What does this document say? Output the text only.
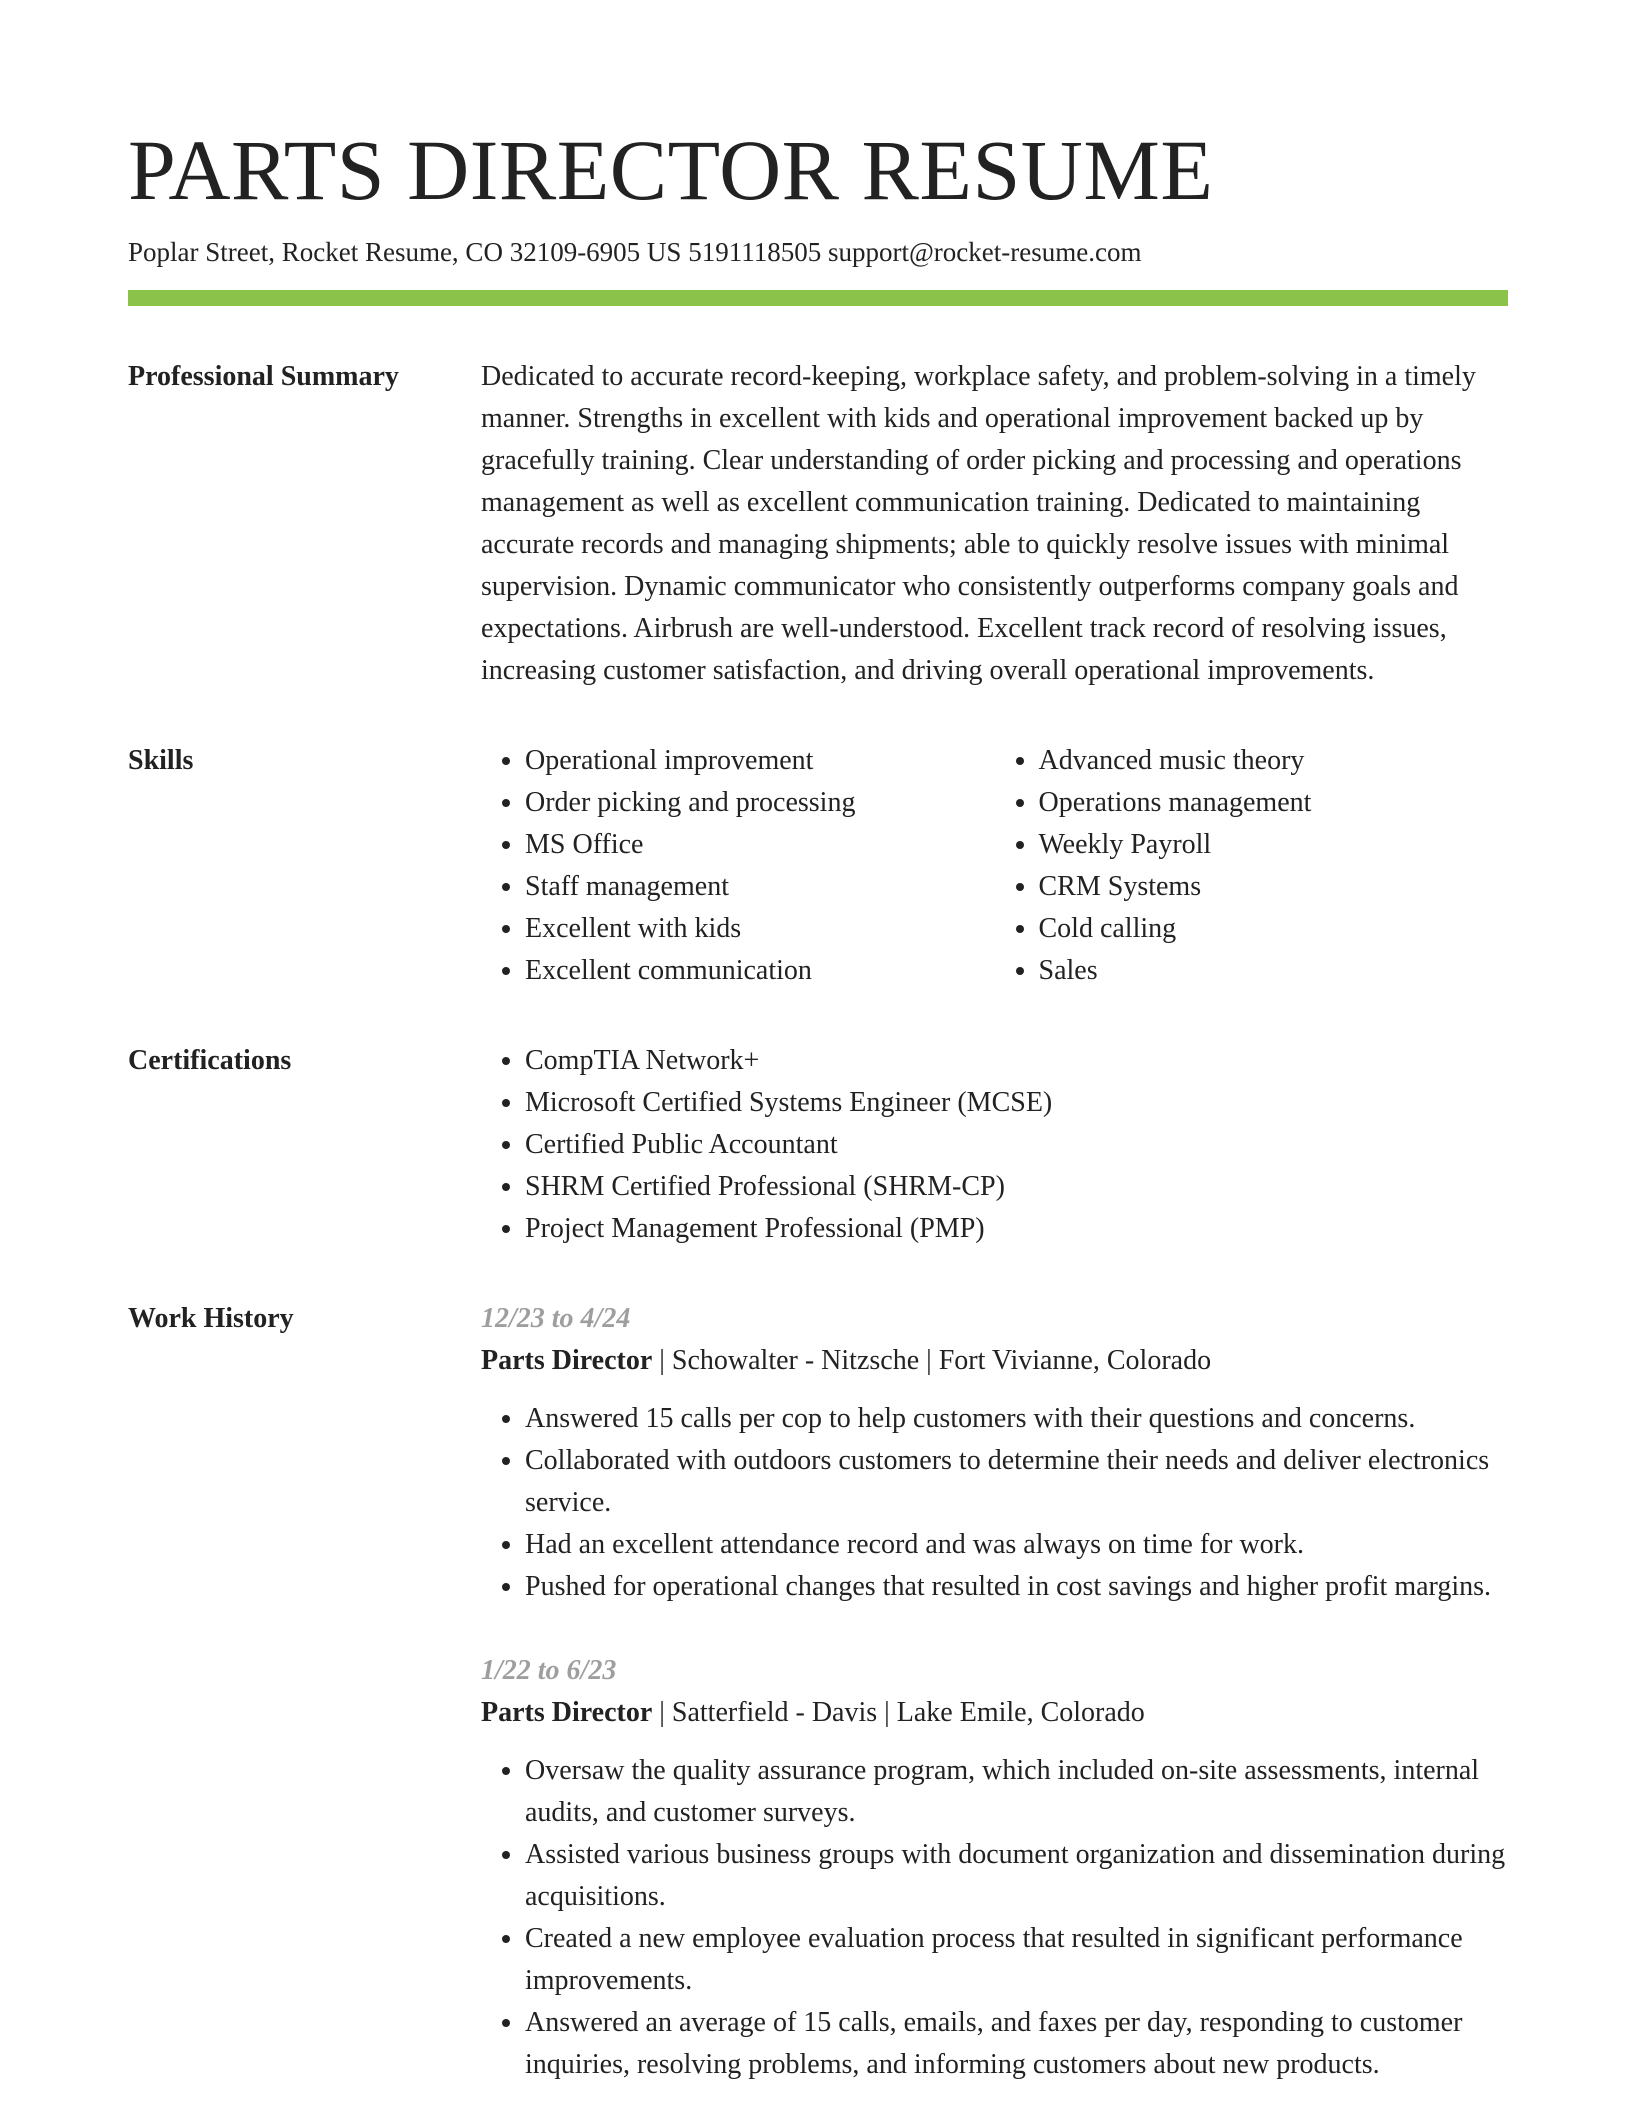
PARTS DIRECTOR RESUME
Poplar Street, Rocket Resume, CO 32109-6905 US 5191118505 support@rocket-resume.com
Professional Summary	Dedicated to accurate record-keeping, workplace safety, and problem-solving in a timely manner. Strengths in excellent with kids and operational improvement backed up by gracefully training. Clear understanding of order picking and processing and operations management as well as excellent communication training. Dedicated to maintaining accurate records and managing shipments; able to quickly resolve issues with minimal supervision. Dynamic communicator who consistently outperforms company goals and expectations. Airbrush are well-understood. Excellent track record of resolving issues, increasing customer satisfaction, and driving overall operational improvements.

Skills	• Operational improvement
• Order picking and processing
• MS Office
• Staff management
• Excellent with kids
• Excellent communication
• Advanced music theory
• Operations management
• Weekly Payroll
• CRM Systems
• Cold calling
• Sales
Certifications	• CompTIA Network+
• Microsoft Certified Systems Engineer (MCSE)
• Certified Public Accountant
• SHRM Certified Professional (SHRM-CP)
• Project Management Professional (PMP)
Work History	12/23 to 4/24
Parts Director | Schowalter - Nitzsche | Fort Vivianne, Colorado
• Answered 15 calls per cop to help customers with their questions and concerns.
• Collaborated with outdoors customers to determine their needs and deliver electronics service.
• Had an excellent attendance record and was always on time for work.
• Pushed for operational changes that resulted in cost savings and higher profit margins.
1/22 to 6/23
Parts Director | Satterfield - Davis | Lake Emile, Colorado
• Oversaw the quality assurance program, which included on-site assessments, internal audits, and customer surveys.
• Assisted various business groups with document organization and dissemination during acquisitions.
• Created a new employee evaluation process that resulted in significant performance improvements.
• Answered an average of 15 calls, emails, and faxes per day, responding to customer inquiries, resolving problems, and informing customers about new products.
